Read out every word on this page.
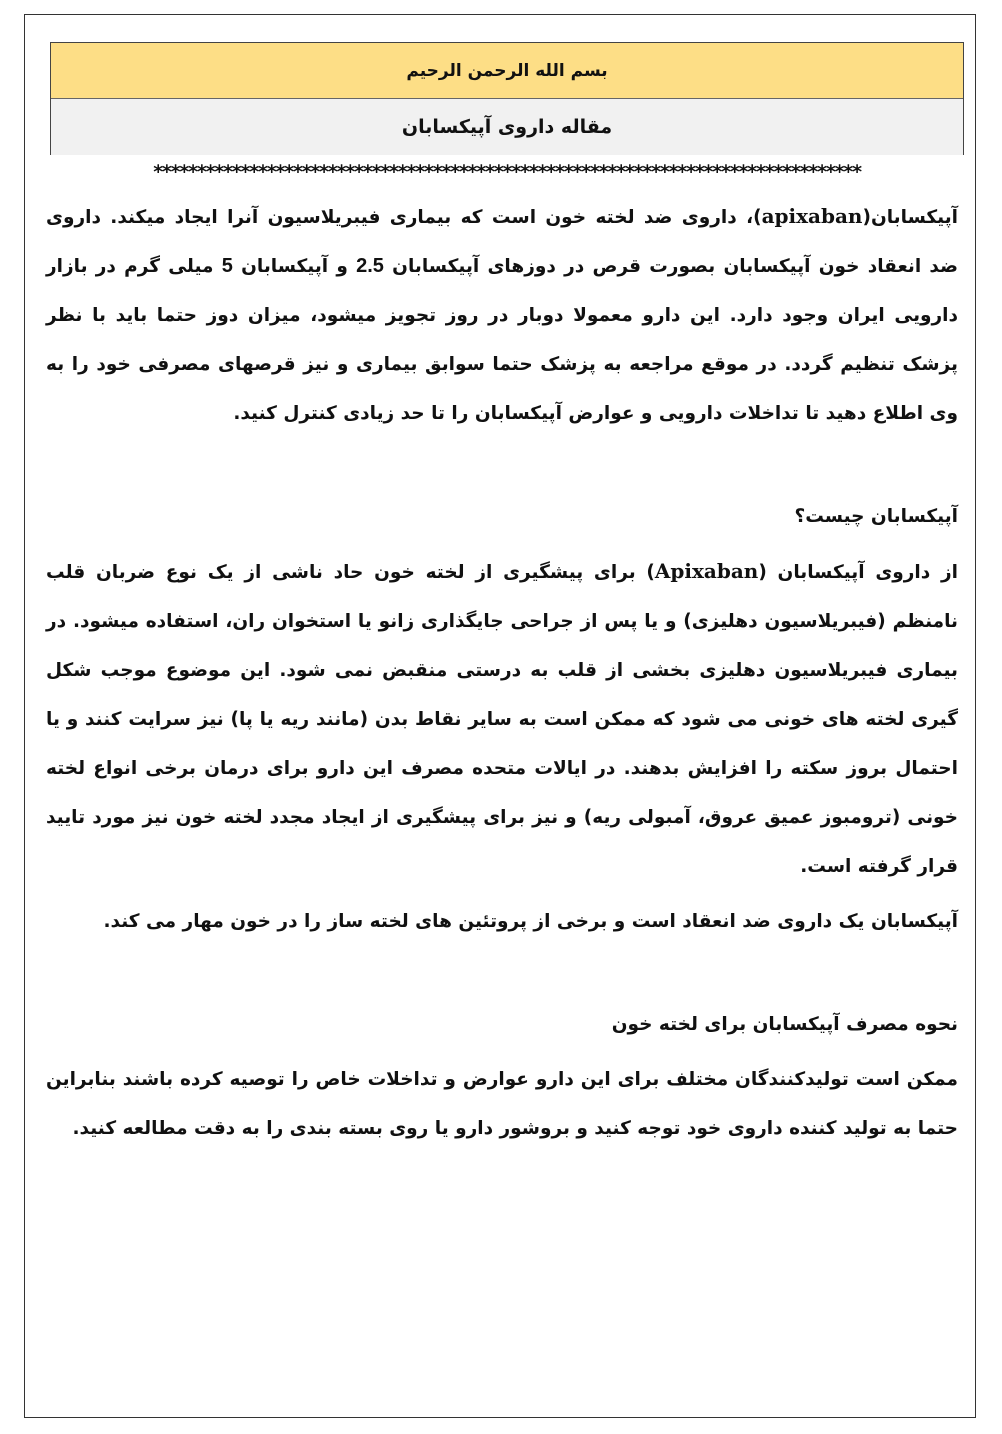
بسم الله الرحمن الرحیم
مقاله داروی آپیکسابان
*********************************************************************************

آپیکسابان(apixaban)، داروی ضد لخته خون است که بیماری فیبریلاسیون آنرا ایجاد میکند. داروی ضد انعقاد خون آپیکسابان بصورت قرص در دوزهای آپیکسابان 2.5 و آپیکسابان 5 میلی گرم در بازار دارویی ایران وجود دارد. این دارو معمولا دوبار در روز تجویز میشود، میزان دوز حتما باید با نظر پزشک تنظیم گردد. در موقع مراجعه به پزشک حتما سوابق بیماری و نیز قرصهای مصرفی خود را به وی اطلاع دهید تا تداخلات دارویی و عوارض آپیکسابان را تا حد زیادی کنترل کنید.

آپیکسابان چیست؟

از داروی آپیکسابان (Apixaban) برای پیشگیری از لخته خون حاد ناشی از یک نوع ضربان قلب نامنظم (فیبریلاسیون دهلیزی) و یا پس از جراحی جایگذاری زانو یا استخوان ران، استفاده میشود. در بیماری فیبریلاسیون دهلیزی بخشی از قلب به درستی منقبض نمی شود. این موضوع موجب شکل گیری لخته های خونی می شود که ممکن است به سایر نقاط بدن (مانند ریه یا پا) نیز سرایت کنند و یا احتمال بروز سکته را افزایش بدهند. در ایالات متحده مصرف این دارو برای درمان برخی انواع لخته خونی (ترومبوز عمیق عروق، آمبولی ریه) و نیز برای پیشگیری از ایجاد مجدد لخته خون نیز مورد تایید قرار گرفته است.

آپیکسابان یک داروی ضد انعقاد است و برخی از پروتئین های لخته ساز را در خون مهار می کند.

نحوه مصرف آپیکسابان برای لخته خون

ممکن است تولیدکنندگان مختلف برای این دارو عوارض و تداخلات خاص را توصیه کرده باشند بنابراین حتما به تولید کننده داروی خود توجه کنید و بروشور دارو یا روی بسته بندی را به دقت مطالعه کنید.
